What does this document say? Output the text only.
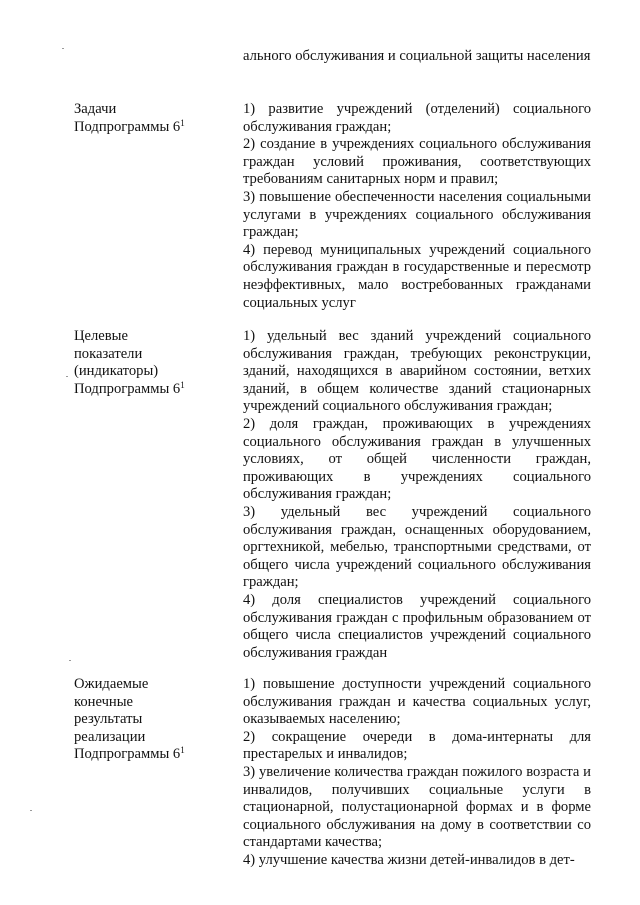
ального обслуживания и социальной защиты населения
Задачи
Подпрограммы $6^1$

1) развитие учреждений (отделений) социального обслуживания граждан;

2) создание в учреждениях социального обслуживания граждан условий проживания, соответствующих требованиям санитарных норм и правил;

3) повышение обеспеченности населения социальными услугами в учреждениях социального обслуживания граждан;

4) перевод муниципальных учреждений социального обслуживания граждан в государственные и пересмотр неэффективных, мало востребованных гражданами социальных услуг

Целевые
показатели
(индикаторы)
Подпрограммы $6^1$

1) удельный вес зданий учреждений социального обслуживания граждан, требующих реконструкции, зданий, находящихся в аварийном состоянии, ветхих зданий, в общем количестве зданий стационарных учреждений социального обслуживания граждан;

2) доля граждан, проживающих в учреждениях социального обслуживания граждан в улучшенных условиях, от общей численности граждан, проживающих в учреждениях социального обслуживания граждан;

3) удельный вес учреждений социального обслуживания граждан, оснащенных оборудованием, оргтехникой, мебелью, транспортными средствами, от общего числа учреждений социального обслуживания граждан;

4) доля специалистов учреждений социального обслуживания граждан с профильным образованием от общего числа специалистов учреждений социального обслуживания граждан

Ожидаемые
конечные
результаты
реализации
Подпрограммы $6^1$

1) повышение доступности учреждений социального обслуживания граждан и качества социальных услуг, оказываемых населению;

2) сокращение очереди в дома-интернаты для престарелых и инвалидов;

3) увеличение количества граждан пожилого возраста и инвалидов, получивших социальные услуги в стационарной, полустационарной формах и в форме социального обслуживания на дому в соответствии со стандартами качества;

4) улучшение качества жизни детей-инвалидов в дет-
